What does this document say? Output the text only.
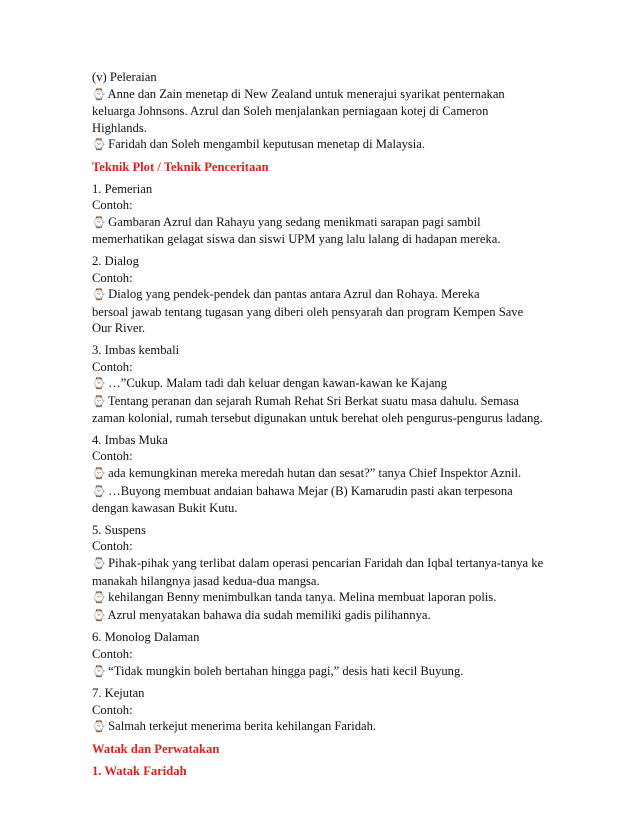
(v) Peleraian
⌚ Anne dan Zain menetap di New Zealand untuk menerajui syarikat penternakan
keluarga Johnsons. Azrul dan Soleh menjalankan perniagaan kotej di Cameron
Highlands.
⌚ Faridah dan Soleh mengambil keputusan menetap di Malaysia.
Teknik Plot / Teknik Penceritaan
1. Pemerian
Contoh:
⌚ Gambaran Azrul dan Rahayu yang sedang menikmati sarapan pagi sambil
memerhatikan gelagat siswa dan siswi UPM yang lalu lalang di hadapan mereka.
2. Dialog
Contoh:
⌚ Dialog yang pendek-pendek dan pantas antara Azrul dan Rohaya. Mereka
bersoal jawab tentang tugasan yang diberi oleh pensyarah dan program Kempen Save
Our River.
3. Imbas kembali
Contoh:
⌚ …”Cukup. Malam tadi dah keluar dengan kawan-kawan ke Kajang
⌚ Tentang peranan dan sejarah Rumah Rehat Sri Berkat suatu masa dahulu. Semasa
zaman kolonial, rumah tersebut digunakan untuk berehat oleh pengurus-pengurus ladang.
4. Imbas Muka
Contoh:
⌚ ada kemungkinan mereka meredah hutan dan sesat?” tanya Chief Inspektor Aznil.
⌚ …Buyong membuat andaian bahawa Mejar (B) Kamarudin pasti akan terpesona
dengan kawasan Bukit Kutu.
5. Suspens
Contoh:
⌚ Pihak-pihak yang terlibat dalam operasi pencarian Faridah dan Iqbal tertanya-tanya ke
manakah hilangnya jasad kedua-dua mangsa.
⌚ kehilangan Benny menimbulkan tanda tanya. Melina membuat laporan polis.
⌚ Azrul menyatakan bahawa dia sudah memiliki gadis pilihannya.
6. Monolog Dalaman
Contoh:
⌚ “Tidak mungkin boleh bertahan hingga pagi,” desis hati kecil Buyung.
7. Kejutan
Contoh:
⌚ Salmah terkejut menerima berita kehilangan Faridah.
Watak dan Perwatakan
1. Watak Faridah
